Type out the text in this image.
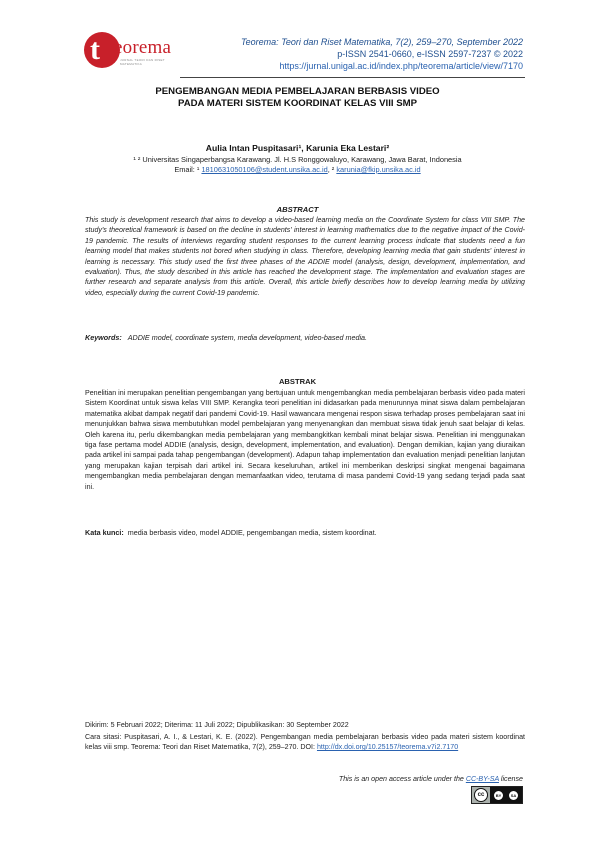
t eorema
JURNAL TEORI DAN RISET MATEMATIKA
Teorema: Teori dan Riset Matematika, 7(2), 259–270, September 2022
p-ISSN 2541-0660, e-ISSN 2597-7237 © 2022
https://jurnal.unigal.ac.id/index.php/teorema/article/view/7170
PENGEMBANGAN MEDIA PEMBELAJARAN BERBASIS VIDEO
PADA MATERI SISTEM KOORDINAT KELAS VIII SMP
Aulia Intan Puspitasari¹, Karunia Eka Lestari²
¹ ² Universitas Singaperbangsa Karawang. Jl. H.S Ronggowaluyo, Karawang, Jawa Barat, Indonesia
Email: ¹ 1810631050106@student.unsika.ac.id, ² karunia@fkip.unsika.ac.id
ABSTRACT
This study is development research that aims to develop a video-based learning media on the Coordinate System for class VIII SMP. The study's theoretical framework is based on the decline in students' interest in learning mathematics due to the negative impact of the Covid-19 pandemic. The results of interviews regarding student responses to the current learning process indicate that students need a fun learning model that makes students not bored when studying in class. Therefore, developing learning media that gain students' interest in learning is necessary. This study used the first three phases of the ADDIE model (analysis, design, development, implementation, and evaluation). Thus, the study described in this article has reached the development stage. The implementation and evaluation stages are further research and separate analysis from this article. Overall, this article briefly describes how to develop learning media by utilizing video, especially during the current Covid-19 pandemic.
Keywords: ADDIE model, coordinate system, media development, video-based media.
ABSTRAK
Penelitian ini merupakan penelitian pengembangan yang bertujuan untuk mengembangkan media pembelajaran berbasis video pada materi Sistem Koordinat untuk siswa kelas VIII SMP. Kerangka teori penelitian ini didasarkan pada menurunnya minat siswa dalam pembelajaran matematika akibat dampak negatif dari pandemi Covid-19. Hasil wawancara mengenai respon siswa terhadap proses pembelajaran saat ini menunjukkan bahwa siswa membutuhkan model pembelajaran yang menyenangkan dan membuat siswa tidak jenuh saat belajar di kelas. Oleh karena itu, perlu dikembangkan media pembelajaran yang membangkitkan kembali minat belajar siswa. Penelitian ini menggunakan tiga fase pertama model ADDIE (analysis, design, development, implementation, and evaluation). Dengan demikian, kajian yang diuraikan pada artikel ini sampai pada tahap pengembangan (development). Adapun tahap implementation dan evaluation menjadi penelitian lanjutan yang merupakan kajian terpisah dari artikel ini. Secara keseluruhan, artikel ini memberikan deskripsi singkat mengenai bagaimana mengembangkan media pembelajaran dengan memanfaatkan video, terutama di masa pandemi Covid-19 yang sedang terjadi pada saat ini.
Kata kunci: media berbasis video, model ADDIE, pengembangan media, sistem koordinat.
Dikirim: 5 Februari 2022; Diterima: 11 Juli 2022; Dipublikasikan: 30 September 2022
Cara sitasi: Puspitasari, A. I., & Lestari, K. E. (2022). Pengembangan media pembelajaran berbasis video pada materi sistem koordinat kelas viii smp. Teorema: Teori dan Riset Matematika, 7(2), 259–270. DOI: http://dx.doi.org/10.25157/teorema.v7i2.7170
This is an open access article under the CC-BY-SA license
cc	BY	SA
